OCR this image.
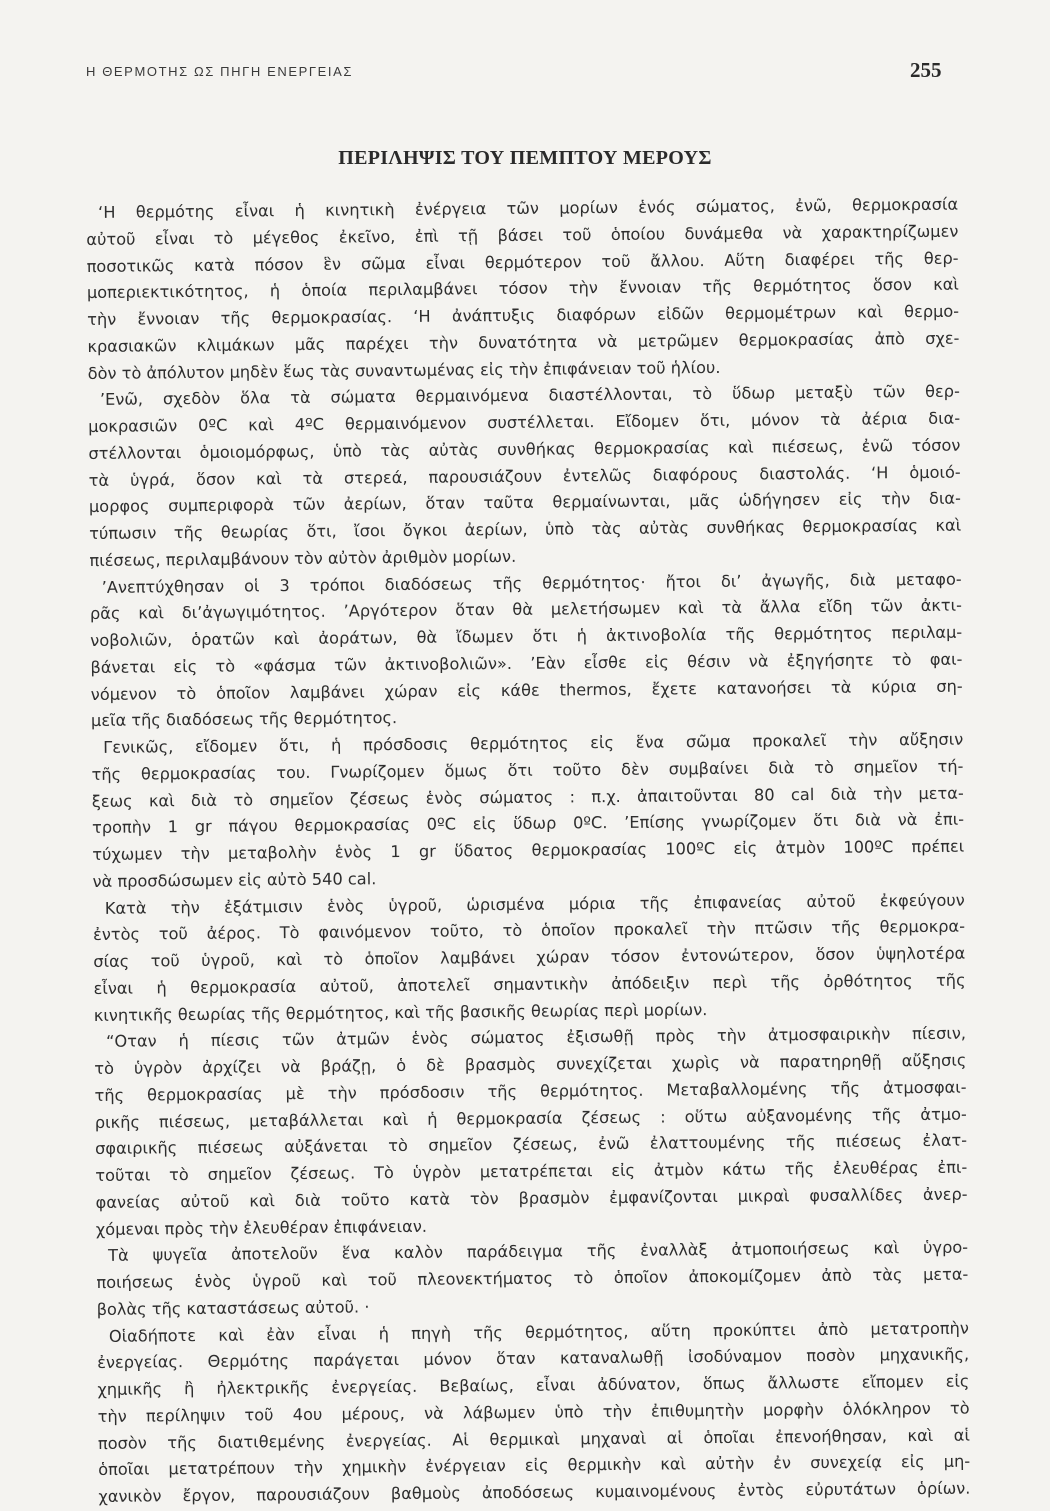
Η ΘΕΡΜΟΤΗΣ ΩΣ ΠΗΓΗ ΕΝΕΡΓΕΙΑΣ	255
ΠΕΡΙΛΗΨΙΣ ΤΟΥ ΠΕΜΠΤΟΥ ΜΕΡΟΥΣ
‘Η θερμότης εἶναι ἡ κινητικὴ ἐνέργεια τῶν μορίων ἑνός σώματος, ἐνῶ, θερμοκρασία
αὐτοῦ εἶναι τὸ μέγεθος ἐκεῖνο, ἐπὶ τῇ βάσει τοῦ ὁποίου δυνάμεθα νὰ χαρακτηρίζωμεν
ποσοτικῶς κατὰ πόσον ἓν σῶμα εἶναι θερμότερον τοῦ ἄλλου. Αὕτη διαφέρει τῆς θερ-
μοπεριεκτικότητος, ἡ ὁποία περιλαμβάνει τόσον τὴν ἔννοιαν τῆς θερμότητος ὅσον καὶ
τὴν ἔννοιαν τῆς θερμοκρασίας. ‘Η ἀνάπτυξις διαφόρων εἰδῶν θερμομέτρων καὶ θερμο-
κρασιακῶν κλιμάκων μᾶς παρέχει τὴν δυνατότητα νὰ μετρῶμεν θερμοκρασίας ἀπὸ σχε-
δὸν τὸ ἀπόλυτον μηδὲν ἕως τὰς συναντωμένας εἰς τὴν ἐπιφάνειαν τοῦ ἡλίου.
’Ενῶ, σχεδὸν ὅλα τὰ σώματα θερμαινόμενα διαστέλλονται, τὸ ὕδωρ μεταξὺ τῶν θερ-
μοκρασιῶν 0ºC καὶ 4ºC θερμαινόμενον συστέλλεται. Εἴδομεν ὅτι, μόνον τὰ ἀέρια δια-
στέλλονται ὁμοιομόρφως, ὑπὸ τὰς αὐτὰς συνθήκας θερμοκρασίας καὶ πιέσεως, ἐνῶ τόσον
τὰ ὑγρά, ὅσον καὶ τὰ στερεά, παρουσιάζουν ἐντελῶς διαφόρους διαστολάς. ‘Η ὁμοιό-
μορφος συμπεριφορὰ τῶν ἀερίων, ὅταν ταῦτα θερμαίνωνται, μᾶς ὡδήγησεν εἰς τὴν δια-
τύπωσιν τῆς θεωρίας ὅτι, ἴσοι ὄγκοι ἀερίων, ὑπὸ τὰς αὐτὰς συνθήκας θερμοκρασίας καὶ
πιέσεως, περιλαμβάνουν τὸν αὐτὸν ἀριθμὸν μορίων.
’Ανεπτύχθησαν οἱ 3 τρόποι διαδόσεως τῆς θερμότητος· ἤτοι δι’ ἀγωγῆς, διὰ μεταφο-
ρᾶς καὶ δι’ἀγωγιμότητος. ’Αργότερον ὅταν θὰ μελετήσωμεν καὶ τὰ ἄλλα εἴδη τῶν ἀκτι-
νοβολιῶν, ὁρατῶν καὶ ἀοράτων, θὰ ἴδωμεν ὅτι ἡ ἀκτινοβολία τῆς θερμότητος περιλαμ-
βάνεται εἰς τὸ «φάσμα τῶν ἀκτινοβολιῶν». ’Εὰν εἶσθε εἰς θέσιν νὰ ἐξηγήσητε τὸ φαι-
νόμενον τὸ ὁποῖον λαμβάνει χώραν εἰς κάθε thermos, ἔχετε κατανοήσει τὰ κύρια ση-
μεῖα τῆς διαδόσεως τῆς θερμότητος.
Γενικῶς, εἴδομεν ὅτι, ἡ πρόσδοσις θερμότητος εἰς ἕνα σῶμα προκαλεῖ τὴν αὔξησιν
τῆς θερμοκρασίας του. Γνωρίζομεν ὅμως ὅτι τοῦτο δὲν συμβαίνει διὰ τὸ σημεῖον τή-
ξεως καὶ διὰ τὸ σημεῖον ζέσεως ἑνὸς σώματος : π.χ. ἀπαιτοῦνται 80 cal διὰ τὴν μετα-
τροπὴν 1 gr πάγου θερμοκρασίας 0ºC εἰς ὕδωρ 0ºC. ’Επίσης γνωρίζομεν ὅτι διὰ νὰ ἐπι-
τύχωμεν τὴν μεταβολὴν ἑνὸς 1 gr ὕδατος θερμοκρασίας 100ºC εἰς ἀτμὸν 100ºC πρέπει
νὰ προσδώσωμεν εἰς αὐτὸ 540 cal.
Κατὰ τὴν ἐξάτμισιν ἑνὸς ὑγροῦ, ὡρισμένα μόρια τῆς ἐπιφανείας αὐτοῦ ἐκφεύγουν
ἐντὸς τοῦ ἀέρος. Τὸ φαινόμενον τοῦτο, τὸ ὁποῖον προκαλεῖ τὴν πτῶσιν τῆς θερμοκρα-
σίας τοῦ ὑγροῦ, καὶ τὸ ὁποῖον λαμβάνει χώραν τόσον ἐντονώτερον, ὅσον ὑψηλοτέρα
εἶναι ἡ θερμοκρασία αὐτοῦ, ἀποτελεῖ σημαντικὴν ἀπόδειξιν περὶ τῆς ὀρθότητος τῆς
κινητικῆς θεωρίας τῆς θερμότητος, καὶ τῆς βασικῆς θεωρίας περὶ μορίων.
“Οταν ἡ πίεσις τῶν ἀτμῶν ἑνὸς σώματος ἐξισωθῇ πρὸς τὴν ἀτμοσφαιρικὴν πίεσιν,
τὸ ὑγρὸν ἀρχίζει νὰ βράζῃ, ὁ δὲ βρασμὸς συνεχίζεται χωρὶς νὰ παρατηρηθῇ αὔξησις
τῆς θερμοκρασίας μὲ τὴν πρόσδοσιν τῆς θερμότητος. Μεταβαλλομένης τῆς ἀτμοσφαι-
ρικῆς πιέσεως, μεταβάλλεται καὶ ἡ θερμοκρασία ζέσεως : οὕτω αὐξανομένης τῆς ἀτμο-
σφαιρικῆς πιέσεως αὐξάνεται τὸ σημεῖον ζέσεως, ἐνῶ ἐλαττουμένης τῆς πιέσεως ἐλατ-
τοῦται τὸ σημεῖον ζέσεως. Τὸ ὑγρὸν μετατρέπεται εἰς ἀτμὸν κάτω τῆς ἐλευθέρας ἐπι-
φανείας αὐτοῦ καὶ διὰ τοῦτο κατὰ τὸν βρασμὸν ἐμφανίζονται μικραὶ φυσαλλίδες ἀνερ-
χόμεναι πρὸς τὴν ἐλευθέραν ἐπιφάνειαν.
Τὰ ψυγεῖα ἀποτελοῦν ἕνα καλὸν παράδειγμα τῆς ἐναλλὰξ ἀτμοποιήσεως καὶ ὑγρο-
ποιήσεως ἑνὸς ὑγροῦ καὶ τοῦ πλεονεκτήματος τὸ ὁποῖον ἀποκομίζομεν ἀπὸ τὰς μετα-
βολὰς τῆς καταστάσεως αὐτοῦ. ·
Οἱαδήποτε καὶ ἐὰν εἶναι ἡ πηγὴ τῆς θερμότητος, αὕτη προκύπτει ἀπὸ μετατροπὴν
ἐνεργείας. Θερμότης παράγεται μόνον ὅταν καταναλωθῇ ἰσοδύναμον ποσὸν μηχανικῆς,
χημικῆς ἢ ἠλεκτρικῆς ἐνεργείας. Βεβαίως, εἶναι ἀδύνατον, ὅπως ἄλλωστε εἴπομεν εἰς
τὴν περίληψιν τοῦ 4ου μέρους, νὰ λάβωμεν ὑπὸ τὴν ἐπιθυμητὴν μορφὴν ὁλόκληρον τὸ
ποσὸν τῆς διατιθεμένης ἐνεργείας. Αἱ θερμικαὶ μηχαναὶ αἱ ὁποῖαι ἐπενοήθησαν, καὶ αἱ
ὁποῖαι μετατρέπουν τὴν χημικὴν ἐνέργειαν εἰς θερμικὴν καὶ αὐτὴν ἐν συνεχείᾳ εἰς μη-
χανικὸν ἔργον, παρουσιάζουν βαθμοὺς ἀποδόσεως κυμαινομένους ἐντὸς εὐρυτάτων ὁρίων.
